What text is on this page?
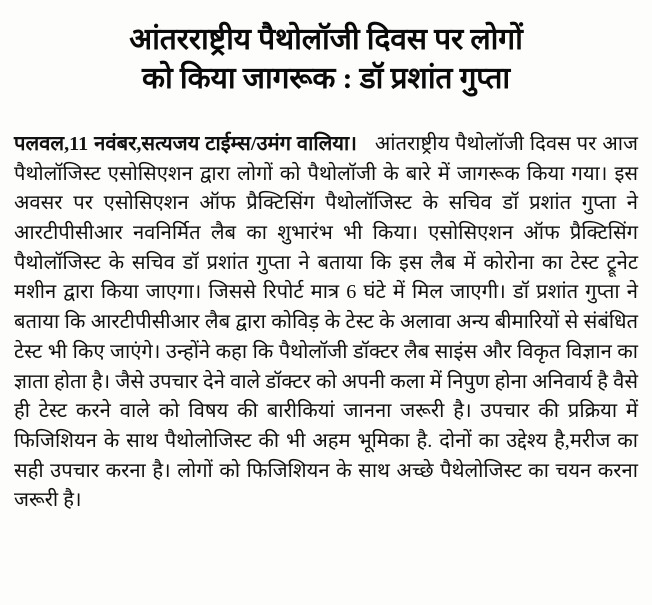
आंतरराष्ट्रीय पैथोलॉजी दिवस पर लोगों
को किया जागरूक : डॉ प्रशांत गुप्ता

पलवल,11 नवंबर,सत्यजय टाईम्स/उमंग वालिया। आंतराष्ट्रीय पैथोलॉजी दिवस पर आज पैथोलॉजिस्ट एसोसिएशन द्वारा लोगों को पैथोलॉजी के बारे में जागरूक किया गया। इस अवसर पर एसोसिएशन ऑफ प्रैक्टिसिंग पैथोलॉजिस्ट के सचिव डॉ प्रशांत गुप्ता ने आरटीपीसीआर नवनिर्मित लैब का शुभारंभ भी किया। एसोसिएशन ऑफ प्रैक्टिसिंग पैथोलॉजिस्ट के सचिव डॉ प्रशांत गुप्ता ने बताया कि इस लैब में कोरोना का टेस्ट ट्रूनेट मशीन द्वारा किया जाएगा। जिससे रिपोर्ट मात्र 6 घंटे में मिल जाएगी। डॉ प्रशांत गुप्ता ने बताया कि आरटीपीसीआर लैब द्वारा कोविड़ के टेस्ट के अलावा अन्य बीमारियों से संबंधित टेस्ट भी किए जाएंगे। उन्होंने कहा कि पैथोलॉजी डॉक्टर लैब साइंस और विकृत विज्ञान का ज्ञाता होता है। जैसे उपचार देने वाले डॉक्टर को अपनी कला में निपुण होना अनिवार्य है वैसे ही टेस्ट करने वाले को विषय की बारीकियां जानना जरूरी है। उपचार की प्रक्रिया में फिजिशियन के साथ पैथोलोजिस्ट की भी अहम भूमिका है. दोनों का उद्देश्य है,मरीज का सही उपचार करना है। लोगों को फिजिशियन के साथ अच्छे पैथेलोजिस्ट का चयन करना जरूरी है।
